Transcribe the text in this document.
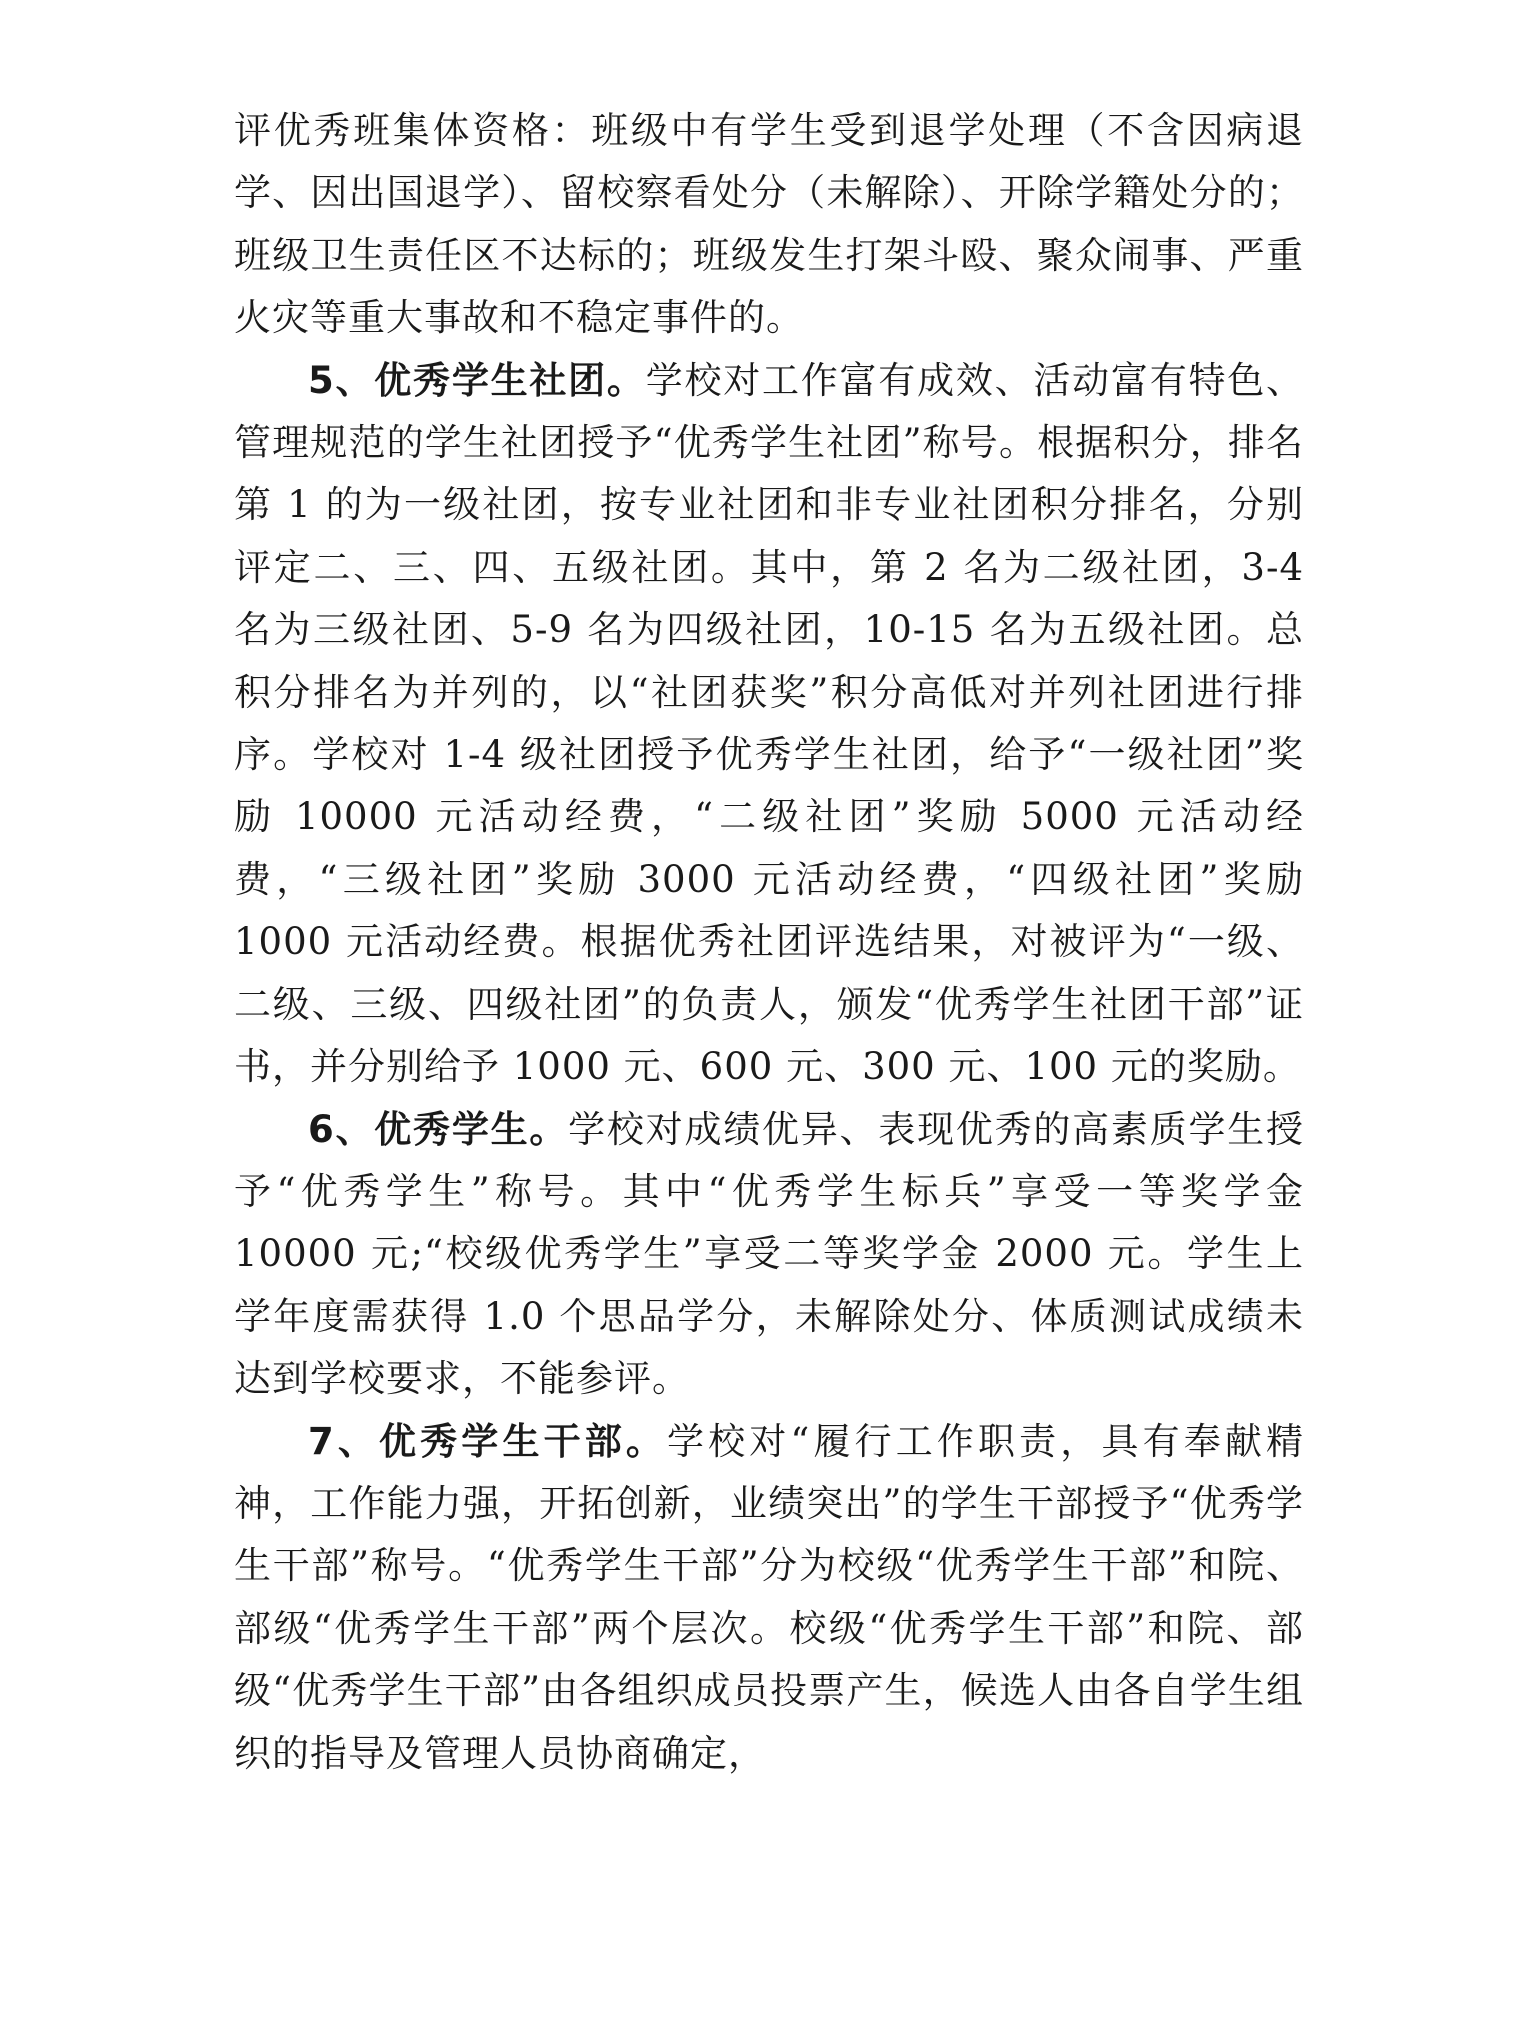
评优秀班集体资格：班级中有学生受到退学处理（不含因病退学、因出国退学）、留校察看处分（未解除）、开除学籍处分的；班级卫生责任区不达标的；班级发生打架斗殴、聚众闹事、严重火灾等重大事故和不稳定事件的。

5、优秀学生社团。学校对工作富有成效、活动富有特色、管理规范的学生社团授予“优秀学生社团”称号。根据积分，排名第 1 的为一级社团，按专业社团和非专业社团积分排名，分别评定二、三、四、五级社团。其中，第 2 名为二级社团，3-4 名为三级社团、5-9 名为四级社团，10-15 名为五级社团。总积分排名为并列的，以“社团获奖”积分高低对并列社团进行排序。学校对 1-4 级社团授予优秀学生社团，给予“一级社团”奖励 10000 元活动经费，“二级社团”奖励 5000 元活动经费，“三级社团”奖励 3000 元活动经费，“四级社团”奖励 1000 元活动经费。根据优秀社团评选结果，对被评为“一级、二级、三级、四级社团”的负责人，颁发“优秀学生社团干部”证书，并分别给予 1000 元、600 元、300 元、100 元的奖励。

6、优秀学生。学校对成绩优异、表现优秀的高素质学生授予“优秀学生”称号。其中“优秀学生标兵”享受一等奖学金 10000 元;“校级优秀学生”享受二等奖学金 2000 元。学生上学年度需获得 1.0 个思品学分，未解除处分、体质测试成绩未达到学校要求，不能参评。

7、优秀学生干部。学校对“履行工作职责，具有奉献精神，工作能力强，开拓创新，业绩突出”的学生干部授予“优秀学生干部”称号。“优秀学生干部”分为校级“优秀学生干部”和院、部级“优秀学生干部”两个层次。校级“优秀学生干部”和院、部级“优秀学生干部”由各组织成员投票产生，候选人由各自学生组织的指导及管理人员协商确定，
